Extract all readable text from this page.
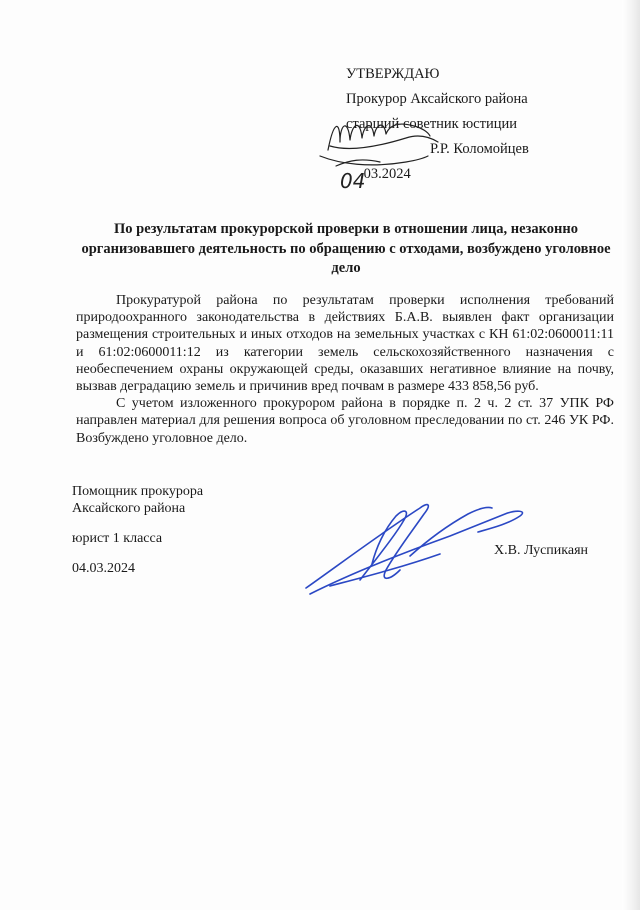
УТВЕРЖДАЮ
Прокурор Аксайского района
старший советник юстиции
Р.Р. Коломойцев
.03.2024
04
По результатам прокурорской проверки в отношении лица, незаконно организовавшего деятельность по обращению с отходами, возбуждено уголовное дело

Прокуратурой района по результатам проверки исполнения требований природоохранного законодательства в действиях Б.А.В. выявлен факт организации размещения строительных и иных отходов на земельных участках с КН 61:02:0600011:11 и 61:02:0600011:12 из категории земель сельскохозяйственного назначения с необеспечением охраны окружающей среды, оказавших негативное влияние на почву, вызвав деградацию земель и причинив вред почвам в размере 433 858,56 руб.

С учетом изложенного прокурором района в порядке п. 2 ч. 2 ст. 37 УПК РФ направлен материал для решения вопроса об уголовном преследовании по ст. 246 УК РФ. Возбуждено уголовное дело.

Помощник прокурора
Аксайского района
юрист 1 класса
04.03.2024
Х.В. Луспикаян
